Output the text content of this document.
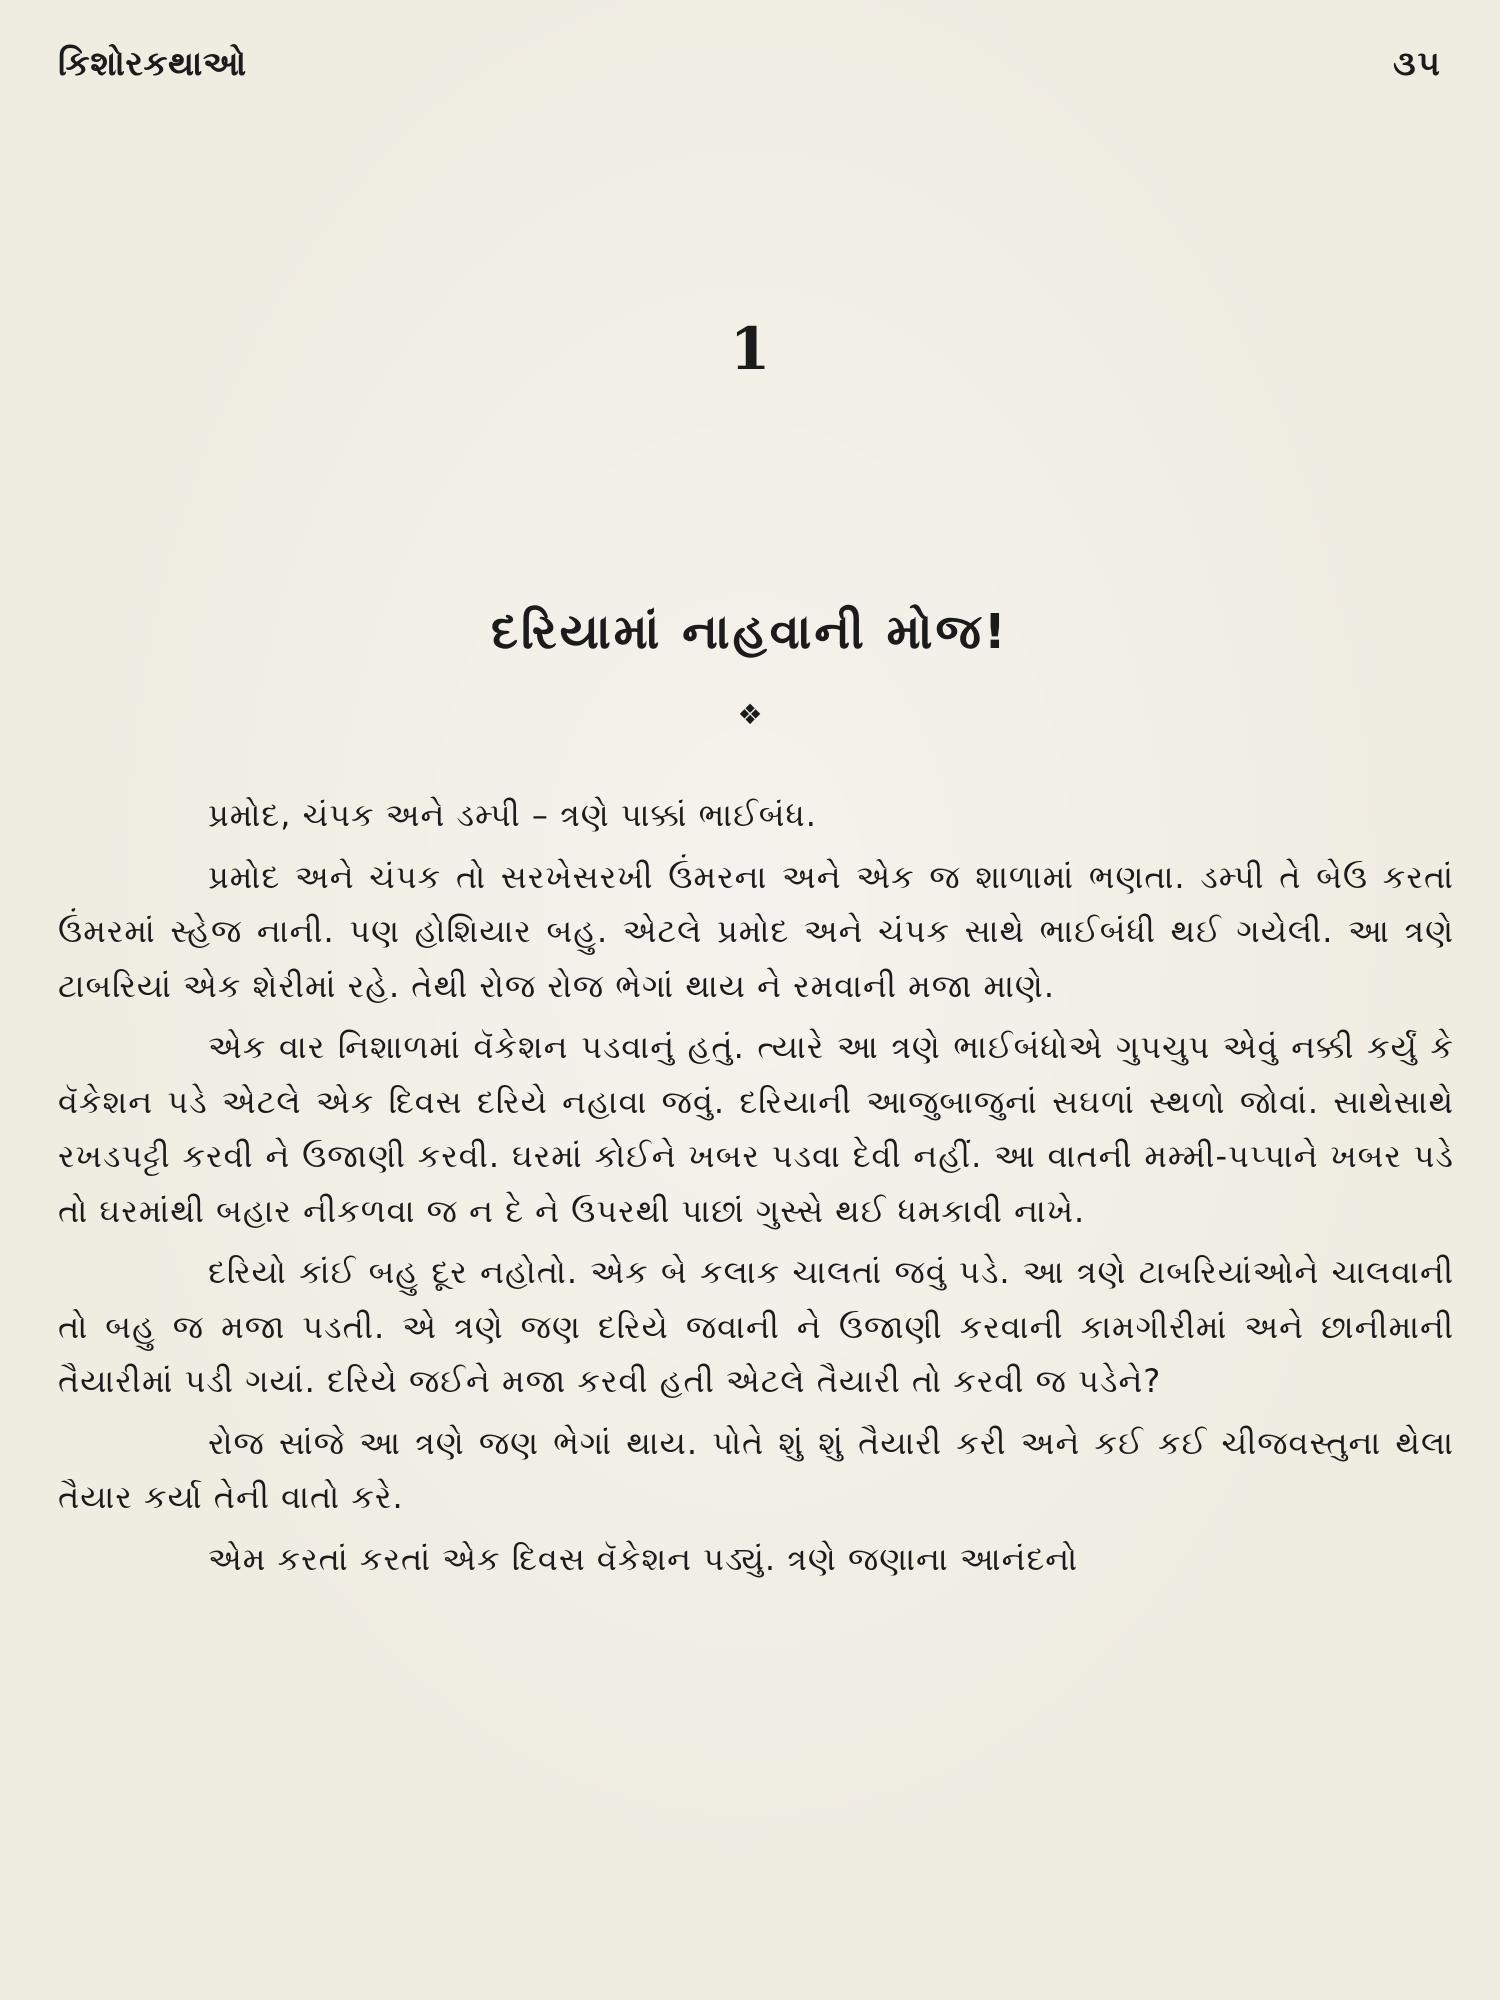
કિશોરકથાઓ	૩૫
1
દરિયામાં નાહવાની મોજ!
❖

પ્રમોદ, ચંપક અને ડમ્પી – ત્રણે પાક્કાં ભાઈબંધ.

પ્રમોદ અને ચંપક તો સરખેસરખી ઉંમરના અને એક જ શાળામાં ભણતા. ડમ્પી તે બેઉ કરતાં ઉંમરમાં સ્હેજ નાની. પણ હોશિયાર બહુ. એટલે પ્રમોદ અને ચંપક સાથે ભાઈબંધી થઈ ગયેલી. આ ત્રણે ટાબરિયાં એક શેરીમાં રહે. તેથી રોજ રોજ ભેગાં થાય ને રમવાની મજા માણે.

એક વાર નિશાળમાં વૅકેશન પડવાનું હતું. ત્યારે આ ત્રણે ભાઈબંધોએ ગુપચુપ એવું નક્કી કર્યું કે વૅકેશન પડે એટલે એક દિવસ દરિયે નહાવા જવું. દરિયાની આજુબાજુનાં સઘળાં સ્થળો જોવાં. સાથેસાથે રખડપટ્ટી કરવી ને ઉજાણી કરવી. ઘરમાં કોઈને ખબર પડવા દેવી નહીં. આ વાતની મમ્મી-પપ્પાને ખબર પડે તો ઘરમાંથી બહાર નીકળવા જ ન દે ને ઉપરથી પાછાં ગુસ્સે થઈ ધમકાવી નાખે.

દરિયો કાંઈ બહુ દૂર નહોતો. એક બે કલાક ચાલતાં જવું પડે. આ ત્રણે ટાબરિયાંઓને ચાલવાની તો બહુ જ મજા પડતી. એ ત્રણે જણ દરિયે જવાની ને ઉજાણી કરવાની કામગીરીમાં અને છાનીમાની તૈયારીમાં પડી ગયાં. દરિયે જઈને મજા કરવી હતી એટલે તૈયારી તો કરવી જ પડેને?

રોજ સાંજે આ ત્રણે જણ ભેગાં થાય. પોતે શું શું તૈયારી કરી અને કઈ કઈ ચીજવસ્તુના થેલા તૈયાર કર્યા તેની વાતો કરે.

એમ કરતાં કરતાં એક દિવસ વૅકેશન પડ્યું. ત્રણે જણાના આનંદનો
